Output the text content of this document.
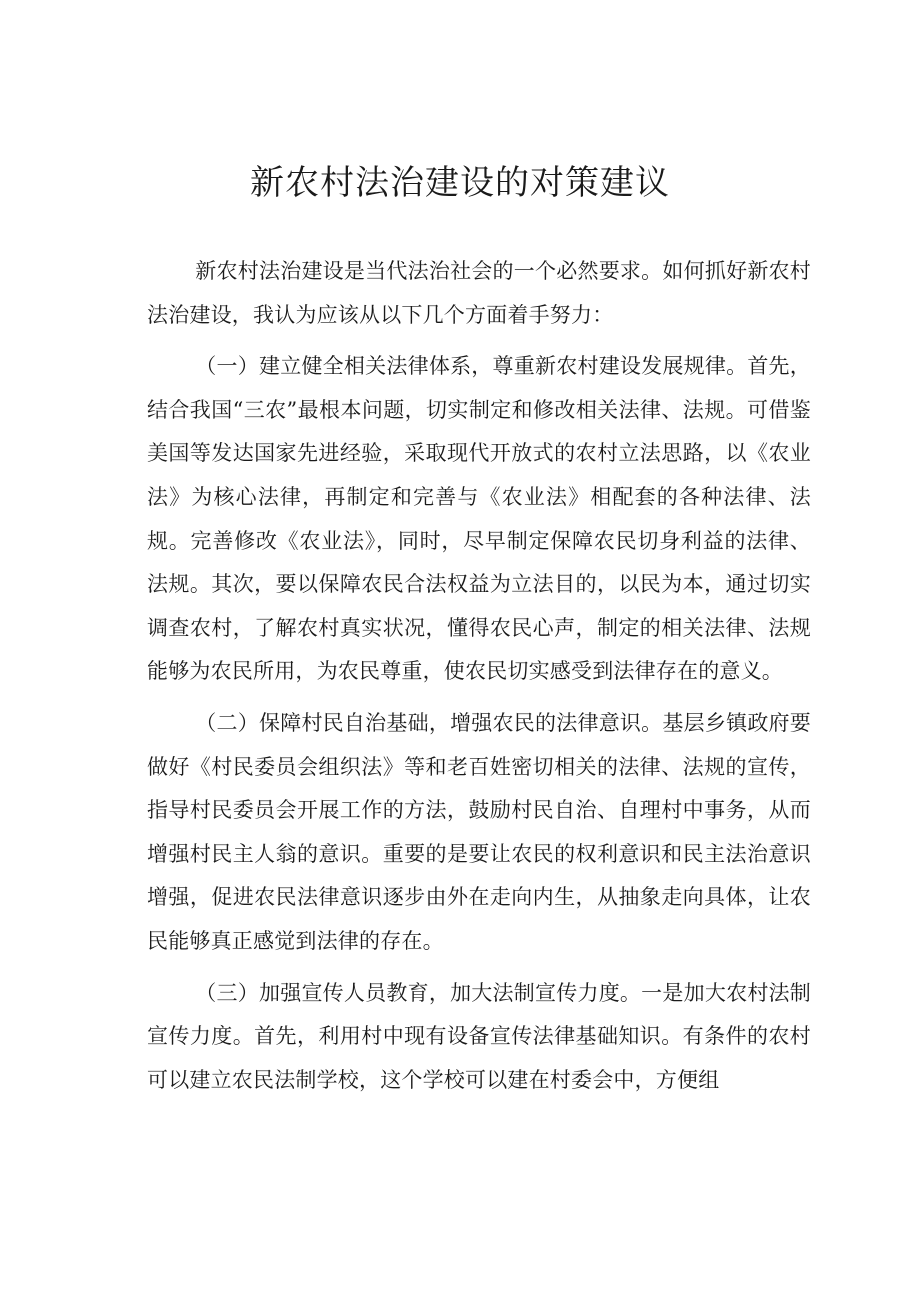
新农村法治建设的对策建议

新农村法治建设是当代法治社会的一个必然要求。如何抓好新农村法治建设，我认为应该从以下几个方面着手努力：

（一）建立健全相关法律体系，尊重新农村建设发展规律。首先，结合我国“三农”最根本问题，切实制定和修改相关法律、法规。可借鉴美国等发达国家先进经验，采取现代开放式的农村立法思路，以《农业法》为核心法律，再制定和完善与《农业法》相配套的各种法律、法规。完善修改《农业法》，同时，尽早制定保障农民切身利益的法律、法规。其次，要以保障农民合法权益为立法目的，以民为本，通过切实调查农村，了解农村真实状况，懂得农民心声，制定的相关法律、法规能够为农民所用，为农民尊重，使农民切实感受到法律存在的意义。

（二）保障村民自治基础，增强农民的法律意识。基层乡镇政府要做好《村民委员会组织法》等和老百姓密切相关的法律、法规的宣传，指导村民委员会开展工作的方法，鼓励村民自治、自理村中事务，从而增强村民主人翁的意识。重要的是要让农民的权利意识和民主法治意识增强，促进农民法律意识逐步由外在走向内生，从抽象走向具体，让农民能够真正感觉到法律的存在。

（三）加强宣传人员教育，加大法制宣传力度。一是加大农村法制宣传力度。首先，利用村中现有设备宣传法律基础知识。有条件的农村可以建立农民法制学校，这个学校可以建在村委会中，方便组
